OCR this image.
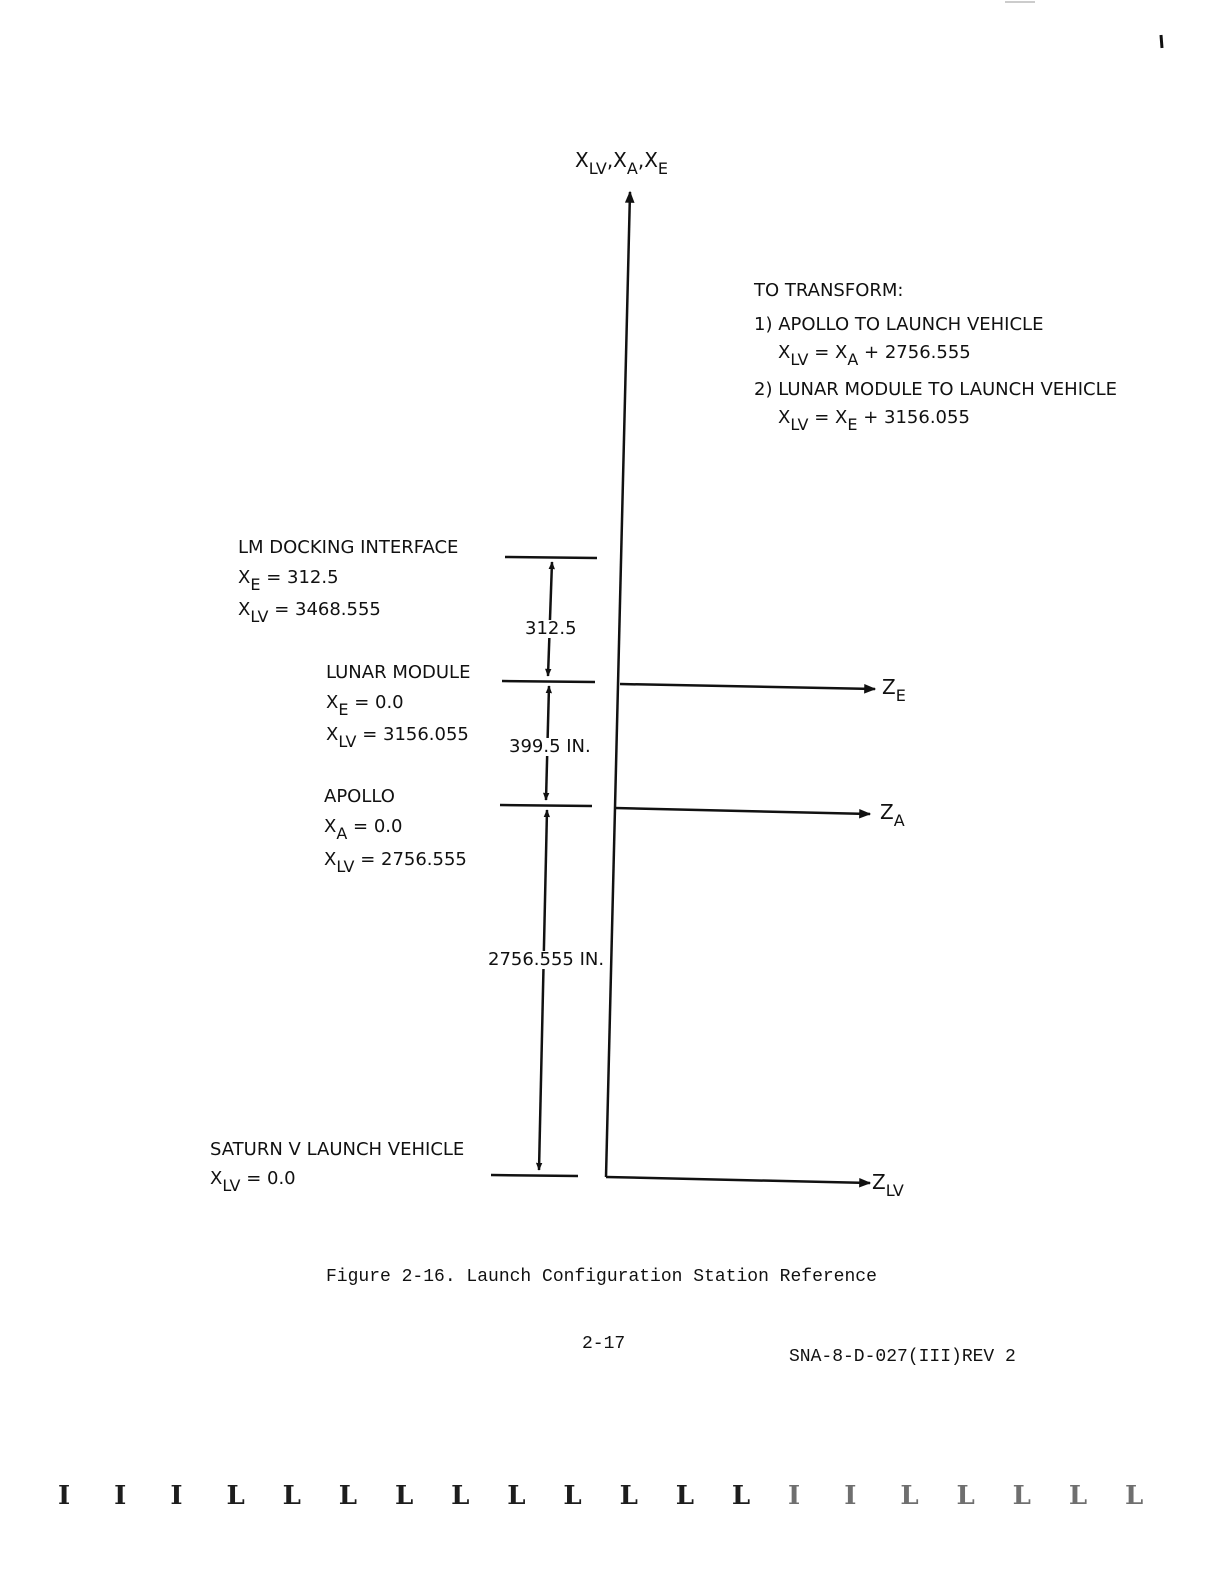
$X_{LV},X_A,X_E$
TO TRANSFORM:
1) APOLLO TO LAUNCH VEHICLE
$X_{LV} = X_A + 2756.555$
2) LUNAR MODULE TO LAUNCH VEHICLE
$X_{LV} = X_E + 3156.055$
LM DOCKING INTERFACE
$X_E = 312.5$
$X_{LV} = 3468.555$
LUNAR MODULE
$X_E = 0.0$
$X_{LV} = 3156.055$
APOLLO
$X_A = 0.0$
$X_{LV} = 2756.555$
SATURN V LAUNCH VEHICLE
$X_{LV} = 0.0$
312.5
399.5 IN.
2756.555 IN.
$Z_E$
$Z_A$
$Z_{LV}$
Figure 2-16. Launch Configuration Station Reference
2-17
SNA-8-D-027(III)REV 2
I I I L L L L L L L L L L I I L L L L L
